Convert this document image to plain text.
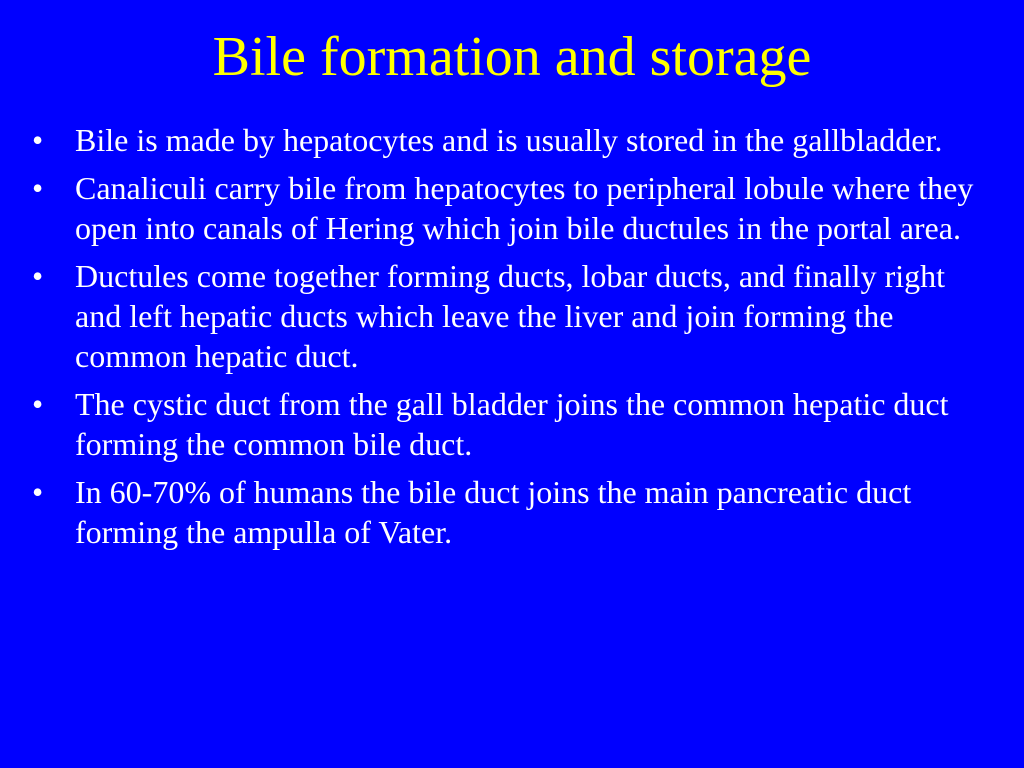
Bile formation and storage
• Bile is made by hepatocytes and is usually stored in the gallbladder.
• Canaliculi carry bile from hepatocytes to peripheral lobule where they open into canals of Hering which join bile ductules in the portal area.
• Ductules come together forming ducts, lobar ducts, and finally right and left hepatic ducts which leave the liver and join forming the common hepatic duct.
• The cystic duct from the gall bladder joins the common hepatic duct forming the common bile duct.
• In 60-70% of humans the bile duct joins the main pancreatic duct forming the ampulla of Vater.
